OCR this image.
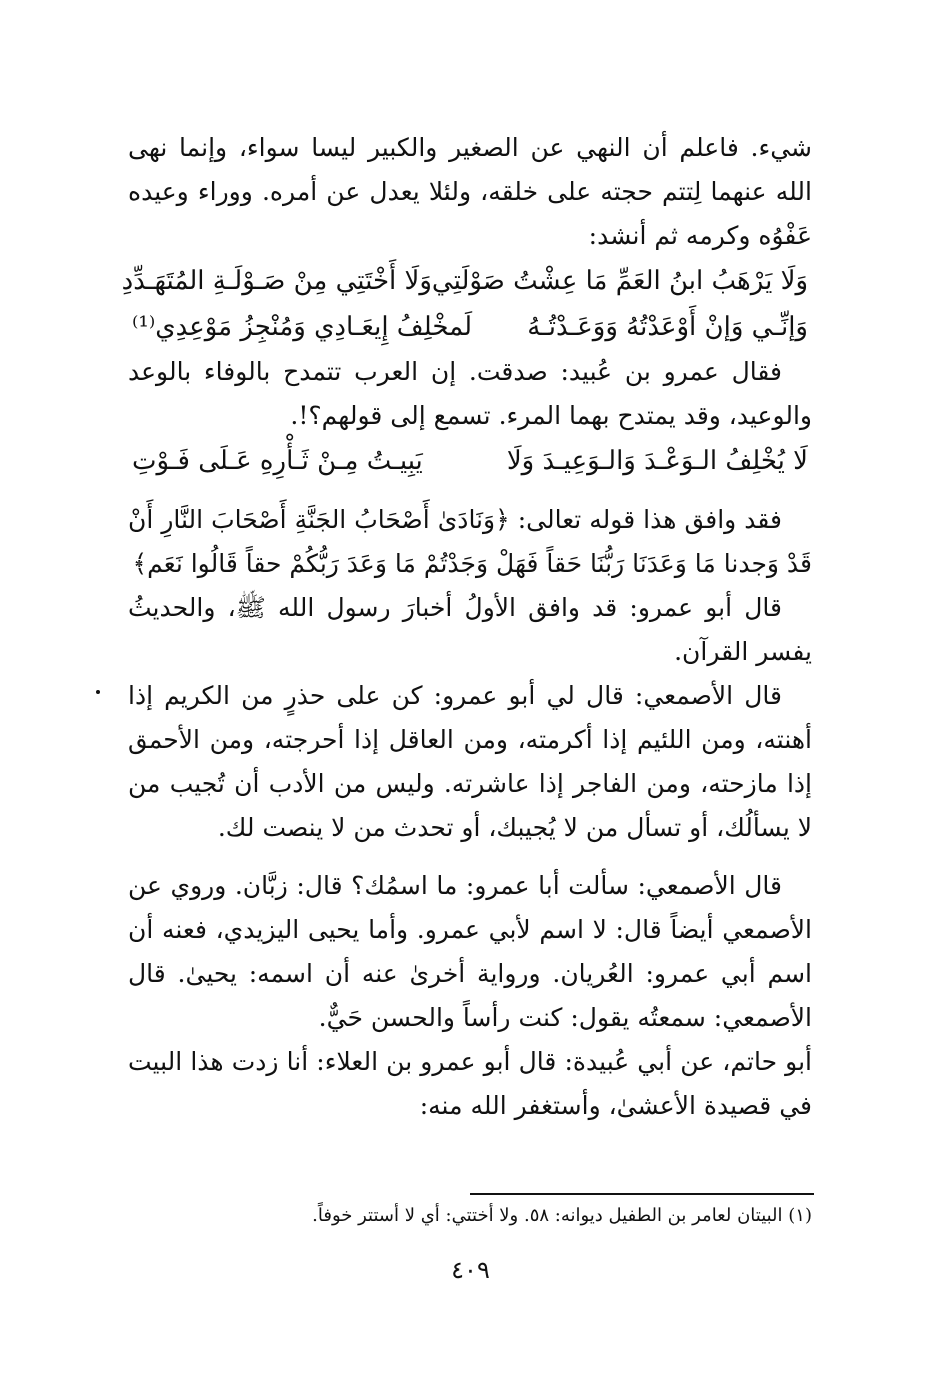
شيء. فاعلم أن النهي عن الصغير والكبير ليسا سواء، وإنما نهى الله عنهما لِتتم حجته على خلقه، ولئلا يعدل عن أمره. ووراء وعيده عَفْوُه وكرمه ثم أنشد:

وَلَا يَرْهَبُ ابنُ العَمِّ مَا عِشْتُ صَوْلَتِي
وَلَا أَخْتَتِي مِنْ صَـوْلَـةِ المُتَهَـدِّدِ
وَإنِّـي وَإنْ أَوْعَدْتُهُ وَوَعَـدْتُـهُ
لَمخْلِفُ إِيعَـادِي وَمُنْجِزُ مَوْعِدِي⁽¹⁾

فقال عمرو بن عُبيد: صدقت. إن العرب تتمدح بالوفاء بالوعد والوعيد، وقد يمتدح بهما المرء. تسمع إلى قولهم؟!.

لَا يُخْلِفُ الـوَعْـدَ وَالـوَعِيـدَ وَلَا
يَبِيـتُ مِـنْ ثَـأْرِهِ عَـلَى فَـوْتِ

فقد وافق هذا قوله تعالى: ﴿وَنَادَىٰ أَصْحَابُ الجَنَّةِ أَصْحَابَ النَّارِ أَنْ قَدْ وَجدنا مَا وَعَدَنَا رَبُّنَا حَقاً فَهَلْ وَجَدْتُمْ مَا وَعَدَ رَبُّكُمْ حقاً قَالُوا نَعَم﴾

قال أبو عمرو: قد وافق الأولُ أخبارَ رسول الله ﷺ، والحديثُ يفسر القرآن.

قال الأصمعي: قال لي أبو عمرو: كن على حذرٍ من الكريم إذا أهنته، ومن اللئيم إذا أكرمته، ومن العاقل إذا أحرجته، ومن الأحمق إذا مازحته، ومن الفاجر إذا عاشرته. وليس من الأدب أن تُجيب من لا يسألُك، أو تسأل من لا يُجيبك، أو تحدث من لا ينصت لك.

قال الأصمعي: سألت أبا عمرو: ما اسمُك؟ قال: زبَّان. وروي عن الأصمعي أيضاً قال: لا اسم لأبي عمرو. وأما يحيى اليزيدي، فعنه أن اسم أبي عمرو: العُريان. ورواية أخرىٰ عنه أن اسمه: يحيىٰ. قال الأصمعي: سمعتُه يقول: كنت رأساً والحسن حَيٌّ.

أبو حاتم، عن أبي عُبيدة: قال أبو عمرو بن العلاء: أنا زدت هذا البيت في قصيدة الأعشىٰ، وأستغفر الله منه:

(١) البيتان لعامر بن الطفيل ديوانه: ٥٨. ولا أختتي: أي لا أستتر خوفاً.
٤٠٩
